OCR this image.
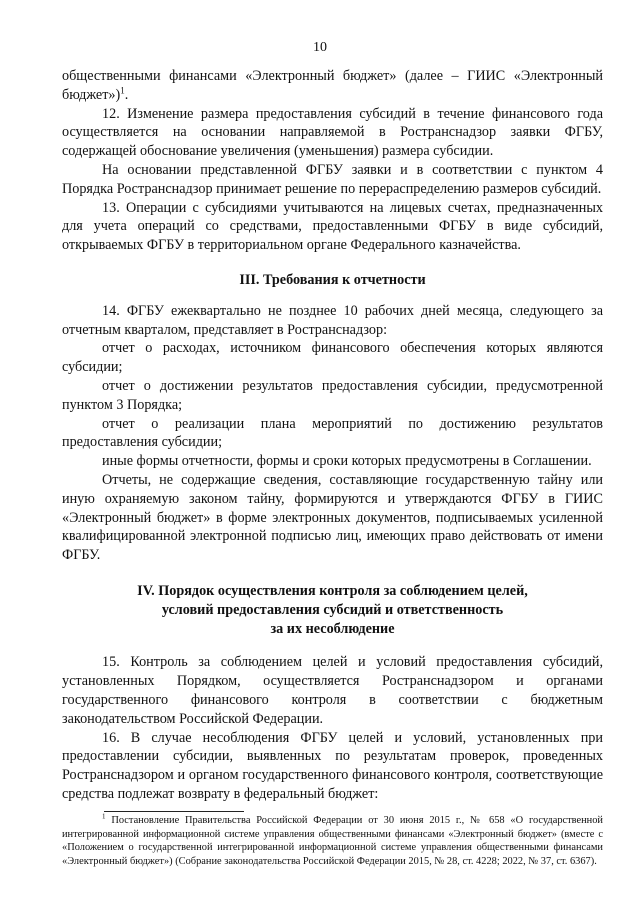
10

общественными финансами «Электронный бюджет» (далее – ГИИС «Электронный бюджет»)$^1$.

12. Изменение размера предоставления субсидий в течение финансового года осуществляется на основании направляемой в Ространснадзор заявки ФГБУ, содержащей обоснование увеличения (уменьшения) размера субсидии.

На основании представленной ФГБУ заявки и в соответствии с пунктом 4 Порядка Ространснадзор принимает решение по перераспределению размеров субсидий.

13. Операции с субсидиями учитываются на лицевых счетах, предназначенных для учета операций со средствами, предоставленными ФГБУ в виде субсидий, открываемых ФГБУ в территориальном органе Федерального казначейства.

III. Требования к отчетности

14. ФГБУ ежеквартально не позднее 10 рабочих дней месяца, следующего за отчетным кварталом, представляет в Ространснадзор:

отчет о расходах, источником финансового обеспечения которых являются субсидии;

отчет о достижении результатов предоставления субсидии, предусмотренной пунктом 3 Порядка;

отчет о реализации плана мероприятий по достижению результатов предоставления субсидии;

иные формы отчетности, формы и сроки которых предусмотрены в Соглашении.

Отчеты, не содержащие сведения, составляющие государственную тайну или иную охраняемую законом тайну, формируются и утверждаются ФГБУ в ГИИС «Электронный бюджет» в форме электронных документов, подписываемых усиленной квалифицированной электронной подписью лиц, имеющих право действовать от имени ФГБУ.

IV. Порядок осуществления контроля за соблюдением целей,

условий предоставления субсидий и ответственность

за их несоблюдение

15. Контроль за соблюдением целей и условий предоставления субсидий, установленных Порядком, осуществляется Ространснадзором и органами государственного финансового контроля в соответствии с бюджетным законодательством Российской Федерации.

16. В случае несоблюдения ФГБУ целей и условий, установленных при предоставлении субсидии, выявленных по результатам проверок, проведенных Ространснадзором и органом государственного финансового контроля, соответствующие средства подлежат возврату в федеральный бюджет:

$^1$ Постановление Правительства Российской Федерации от 30 июня 2015 г., № 658 «О государственной интегрированной информационной системе управления общественными финансами «Электронный бюджет» (вместе с «Положением о государственной интегрированной информационной системе управления общественными финансами «Электронный бюджет») (Собрание законодательства Российской Федерации 2015, № 28, ст. 4228; 2022, № 37, ст. 6367).
